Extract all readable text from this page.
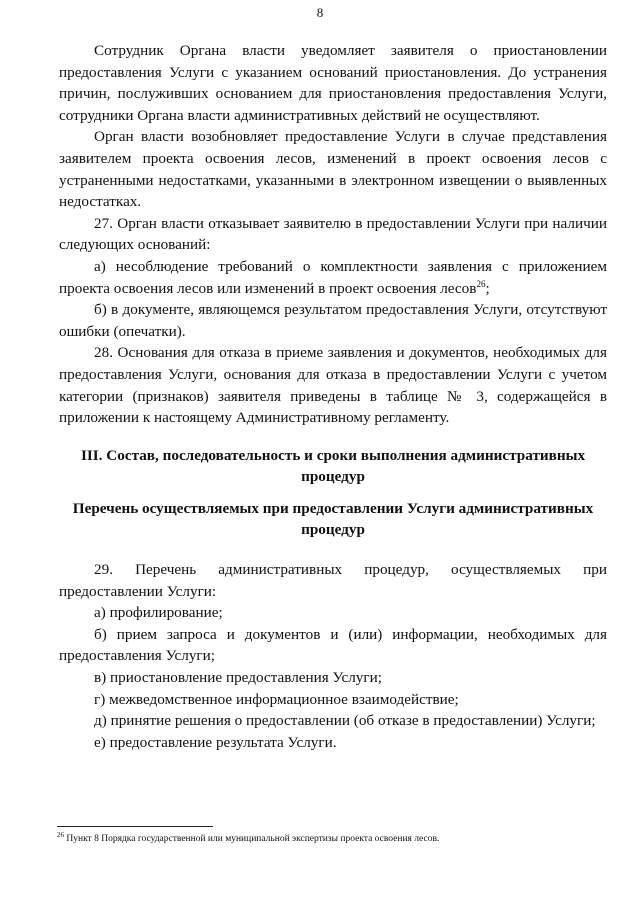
8

Сотрудник Органа власти уведомляет заявителя о приостановлении предоставления Услуги с указанием оснований приостановления. До устранения причин, послуживших основанием для приостановления предоставления Услуги, сотрудники Органа власти административных действий не осуществляют.

Орган власти возобновляет предоставление Услуги в случае представления заявителем проекта освоения лесов, изменений в проект освоения лесов с устраненными недостатками, указанными в электронном извещении о выявленных недостатках.

27. Орган власти отказывает заявителю в предоставлении Услуги при наличии следующих оснований:

а) несоблюдение требований о комплектности заявления с приложением проекта освоения лесов или изменений в проект освоения лесов$^{26}$;

б) в документе, являющемся результатом предоставления Услуги, отсутствуют ошибки (опечатки).

28. Основания для отказа в приеме заявления и документов, необходимых для предоставления Услуги, основания для отказа в предоставлении Услуги с учетом категории (признаков) заявителя приведены в таблице № 3, содержащейся в приложении к настоящему Административному регламенту.

III. Состав, последовательность и сроки выполнения административных процедур
Перечень осуществляемых при предоставлении Услуги административных процедур

29. Перечень административных процедур, осуществляемых при предоставлении Услуги:

а) профилирование;

б) прием запроса и документов и (или) информации, необходимых для предоставления Услуги;

в) приостановление предоставления Услуги;

г) межведомственное информационное взаимодействие;

д) принятие решения о предоставлении (об отказе в предоставлении) Услуги;

е) предоставление результата Услуги.

$^{26}$ Пункт 8 Порядка государственной или муниципальной экспертизы проекта освоения лесов.
